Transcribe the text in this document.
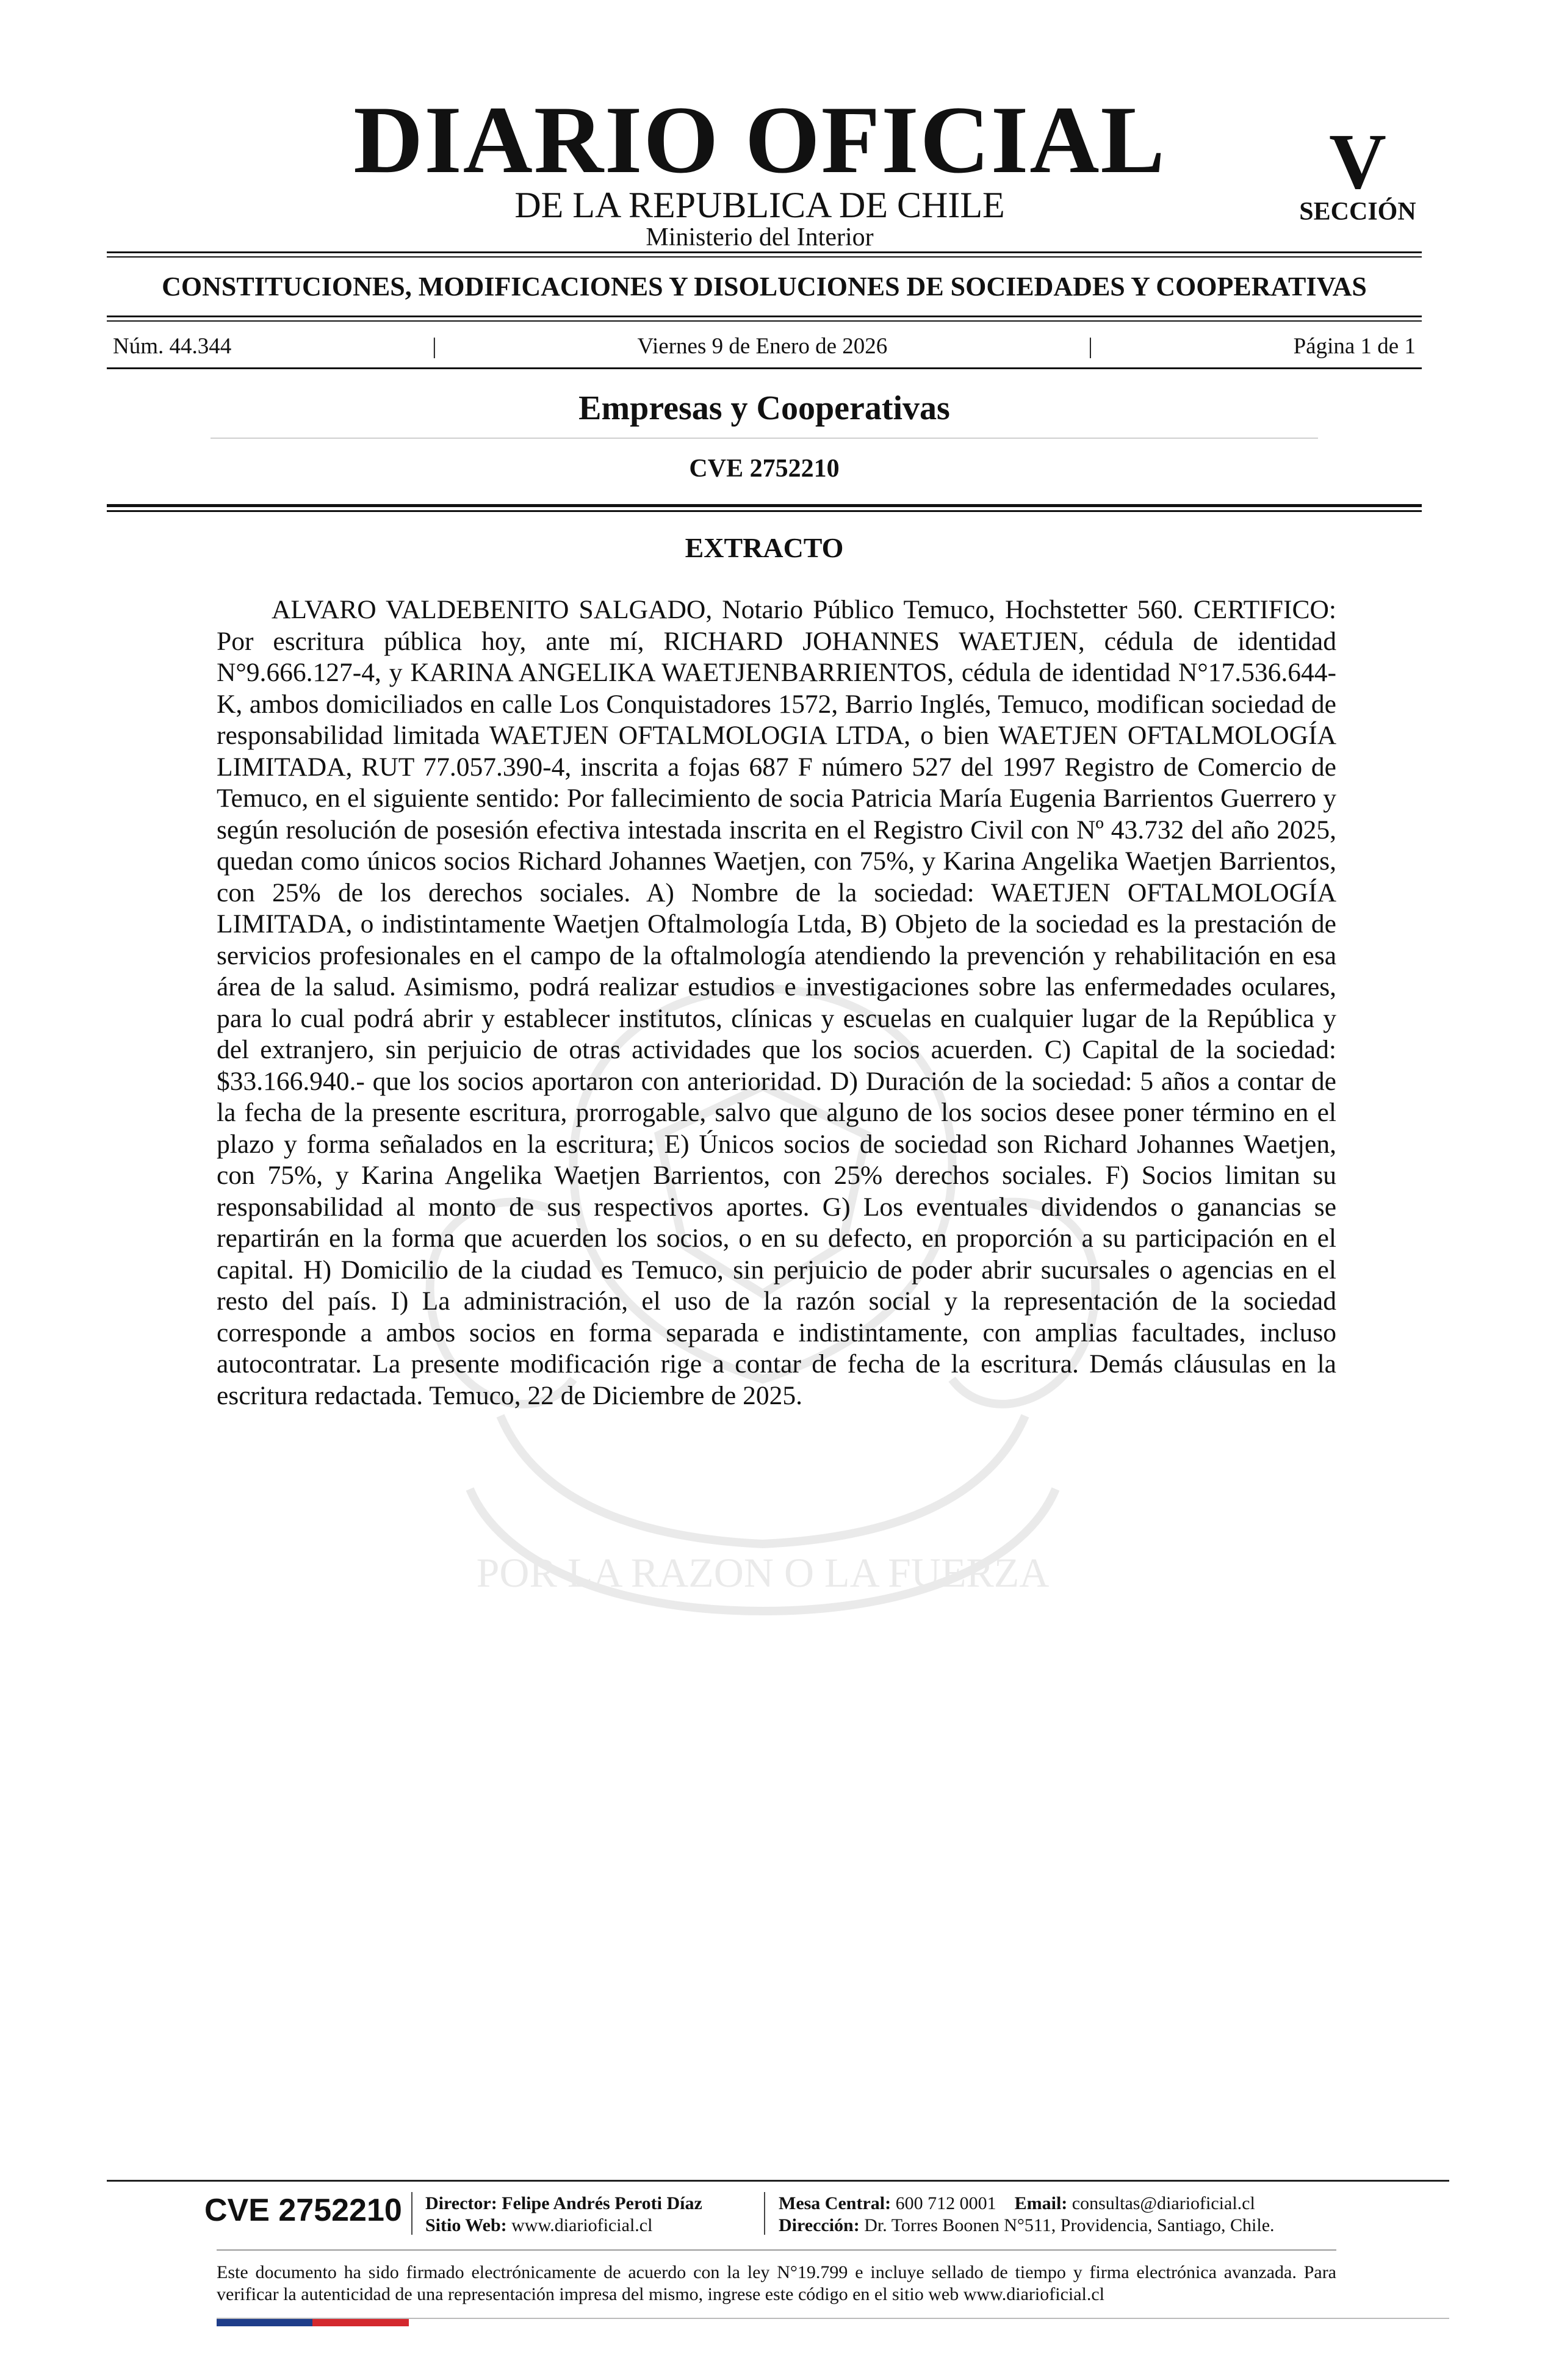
DIARIO OFICIAL
DE LA REPUBLICA DE CHILE
Ministerio del Interior
V
SECCIÓN
CONSTITUCIONES, MODIFICACIONES Y DISOLUCIONES DE SOCIEDADES Y COOPERATIVAS
Núm. 44.344	|	Viernes 9 de Enero de 2026	|	Página 1 de 1
Empresas y Cooperativas
CVE 2752210
POR LA RAZON O LA FUERZA
EXTRACTO

ALVARO VALDEBENITO SALGADO, Notario Público Temuco, Hochstetter 560. CERTIFICO: Por escritura pública hoy, ante mí, RICHARD JOHANNES WAETJEN, cédula de identidad N°9.666.127-4, y KARINA ANGELIKA WAETJENBARRIENTOS, cédula de identidad N°17.536.644-K, ambos domiciliados en calle Los Conquistadores 1572, Barrio Inglés, Temuco, modifican sociedad de responsabilidad limitada WAETJEN OFTALMOLOGIA LTDA, o bien WAETJEN OFTALMOLOGÍA LIMITADA, RUT 77.057.390-4, inscrita a fojas 687 F número 527 del 1997 Registro de Comercio de Temuco, en el siguiente sentido: Por fallecimiento de socia Patricia María Eugenia Barrientos Guerrero y según resolución de posesión efectiva intestada inscrita en el Registro Civil con Nº 43.732 del año 2025, quedan como únicos socios Richard Johannes Waetjen, con 75%, y Karina Angelika Waetjen Barrientos, con 25% de los derechos sociales. A) Nombre de la sociedad: WAETJEN OFTALMOLOGÍA LIMITADA, o indistintamente Waetjen Oftalmología Ltda, B) Objeto de la sociedad es la prestación de servicios profesionales en el campo de la oftalmología atendiendo la prevención y rehabilitación en esa área de la salud. Asimismo, podrá realizar estudios e investigaciones sobre las enfermedades oculares, para lo cual podrá abrir y establecer institutos, clínicas y escuelas en cualquier lugar de la República y del extranjero, sin perjuicio de otras actividades que los socios acuerden. C) Capital de la sociedad: $33.166.940.- que los socios aportaron con anterioridad. D) Duración de la sociedad: 5 años a contar de la fecha de la presente escritura, prorrogable, salvo que alguno de los socios desee poner término en el plazo y forma señalados en la escritura; E) Únicos socios de sociedad son Richard Johannes Waetjen, con 75%, y Karina Angelika Waetjen Barrientos, con 25% derechos sociales. F) Socios limitan su responsabilidad al monto de sus respectivos aportes. G) Los eventuales dividendos o ganancias se repartirán en la forma que acuerden los socios, o en su defecto, en proporción a su participación en el capital. H) Domicilio de la ciudad es Temuco, sin perjuicio de poder abrir sucursales o agencias en el resto del país. I) La administración, el uso de la razón social y la representación de la sociedad corresponde a ambos socios en forma separada e indistintamente, con amplias facultades, incluso autocontratar. La presente modificación rige a contar de fecha de la escritura. Demás cláusulas en la escritura redactada. Temuco, 22 de Diciembre de 2025.

CVE 2752210 Director: Felipe Andrés Peroti Díaz
Sitio Web: www.diarioficial.cl
Mesa Central: 600 712 0001 Email: consultas@diarioficial.cl
Dirección: Dr. Torres Boonen N°511, Providencia, Santiago, Chile.

Este documento ha sido firmado electrónicamente de acuerdo con la ley N°19.799 e incluye sellado de tiempo y firma electrónica avanzada. Para verificar la autenticidad de una representación impresa del mismo, ingrese este código en el sitio web www.diarioficial.cl
